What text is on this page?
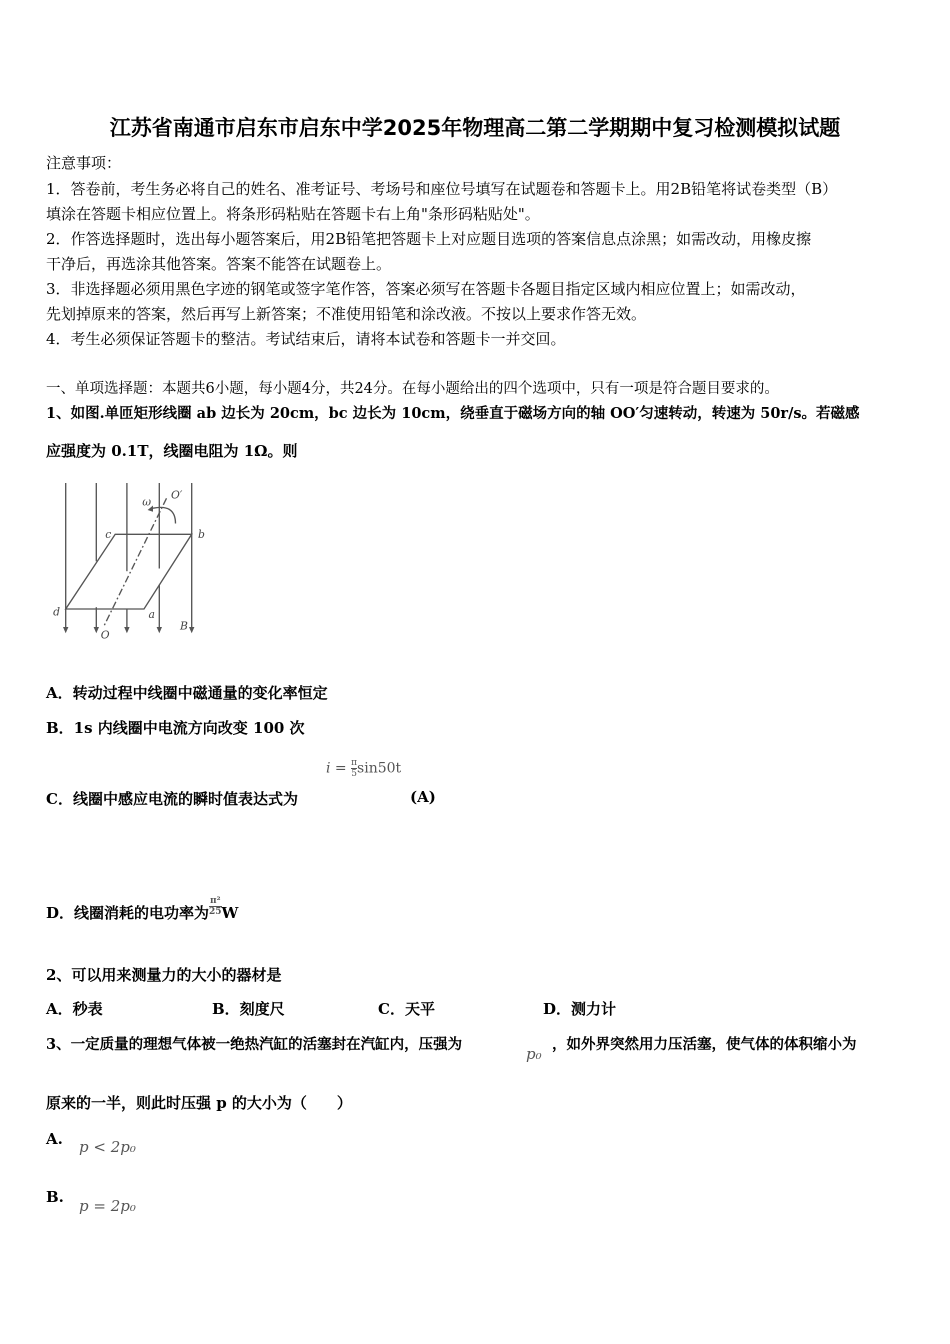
江苏省南通市启东市启东中学2025年物理高二第二学期期中复习检测模拟试题
注意事项：
1．答卷前，考生务必将自己的姓名、准考证号、考场号和座位号填写在试题卷和答题卡上。用2B铅笔将试卷类型（B）
填涂在答题卡相应位置上。将条形码粘贴在答题卡右上角"条形码粘贴处"。
2．作答选择题时，选出每小题答案后，用2B铅笔把答题卡上对应题目选项的答案信息点涂黑；如需改动，用橡皮擦
干净后，再选涂其他答案。答案不能答在试题卷上。
3．非选择题必须用黑色字迹的钢笔或签字笔作答，答案必须写在答题卡各题目指定区域内相应位置上；如需改动，
先划掉原来的答案，然后再写上新答案；不准使用铅笔和涂改液。不按以上要求作答无效。
4．考生必须保证答题卡的整洁。考试结束后，请将本试卷和答题卡一并交回。
一、单项选择题：本题共6小题，每小题4分，共24分。在每小题给出的四个选项中，只有一项是符合题目要求的。
1、如图.单匝矩形线圈 ab 边长为 20cm，bc 边长为 10cm，绕垂直于磁场方向的轴 OO′匀速转动，转速为 50r/s。若磁感
应强度为 0.1T，线圈电阻为 1Ω。则
c	b
d	a
O
O′
ω
B
A．转动过程中线圈中磁通量的变化率恒定
B．1s 内线圈中电流方向改变 100 次
$i = \frac{\pi}{5} \sin 50t$
C．线圈中感应电流的瞬时值表达式为	(A)
D．线圈消耗的电功率为 $\frac{\text{π²}}{25}$ W
2、可以用来测量力的大小的器材是
A．秒表	B．刻度尺	C．天平	D．测力计
3、一定质量的理想气体被一绝热汽缸的活塞封在汽缸内，压强为
p₀
，如外界突然用力压活塞，使气体的体积缩小为
原来的一半，则此时压强 p 的大小为（　　）
A. p < 2p₀
B. p = 2p₀
